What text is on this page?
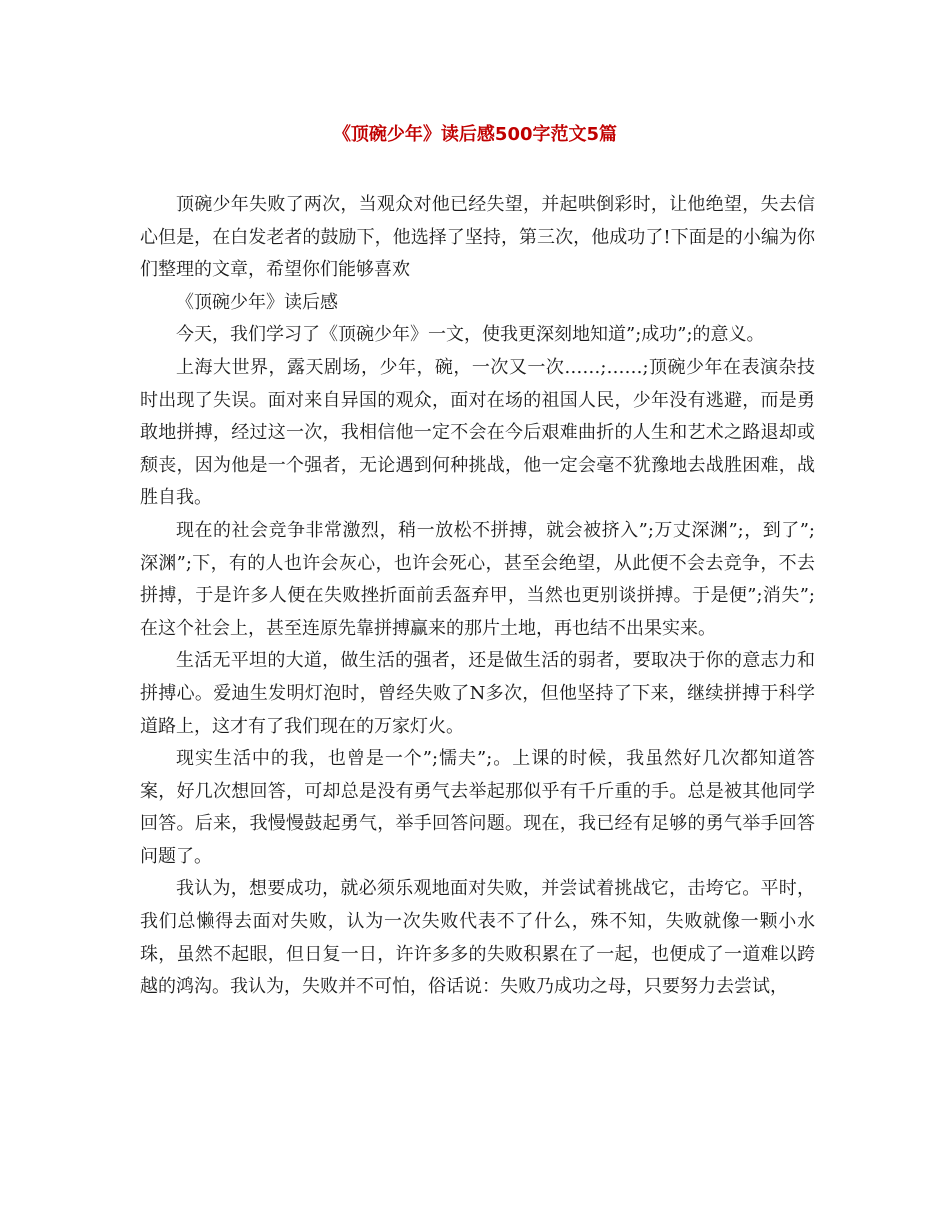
《顶碗少年》读后感500字范文5篇

顶碗少年失败了两次，当观众对他已经失望，并起哄倒彩时，让他绝望，失去信心但是，在白发老者的鼓励下，他选择了坚持，第三次，他成功了!下面是的小编为你们整理的文章，希望你们能够喜欢

《顶碗少年》读后感

今天，我们学习了《顶碗少年》一文，使我更深刻地知道”;成功”;的意义。

上海大世界，露天剧场，少年，碗，一次又一次……;……;顶碗少年在表演杂技时出现了失误。面对来自异国的观众，面对在场的祖国人民，少年没有逃避，而是勇敢地拼搏，经过这一次，我相信他一定不会在今后艰难曲折的人生和艺术之路退却或颓丧，因为他是一个强者，无论遇到何种挑战，他一定会毫不犹豫地去战胜困难，战胜自我。

现在的社会竞争非常激烈，稍一放松不拼搏，就会被挤入”;万丈深渊”;，到了”;深渊”;下，有的人也许会灰心，也许会死心，甚至会绝望，从此便不会去竞争，不去拼搏，于是许多人便在失败挫折面前丢盔弃甲，当然也更别谈拼搏。于是便”;消失”;在这个社会上，甚至连原先靠拼搏赢来的那片土地，再也结不出果实来。

生活无平坦的大道，做生活的强者，还是做生活的弱者，要取决于你的意志力和拼搏心。爱迪生发明灯泡时，曾经失败了N多次，但他坚持了下来，继续拼搏于科学道路上，这才有了我们现在的万家灯火。

现实生活中的我，也曾是一个”;懦夫”;。上课的时候，我虽然好几次都知道答案，好几次想回答，可却总是没有勇气去举起那似乎有千斤重的手。总是被其他同学回答。后来，我慢慢鼓起勇气，举手回答问题。现在，我已经有足够的勇气举手回答问题了。

我认为，想要成功，就必须乐观地面对失败，并尝试着挑战它，击垮它。平时，我们总懒得去面对失败，认为一次失败代表不了什么，殊不知，失败就像一颗小水珠，虽然不起眼，但日复一日，许许多多的失败积累在了一起，也便成了一道难以跨越的鸿沟。我认为，失败并不可怕，俗话说：失败乃成功之母，只要努力去尝试，
